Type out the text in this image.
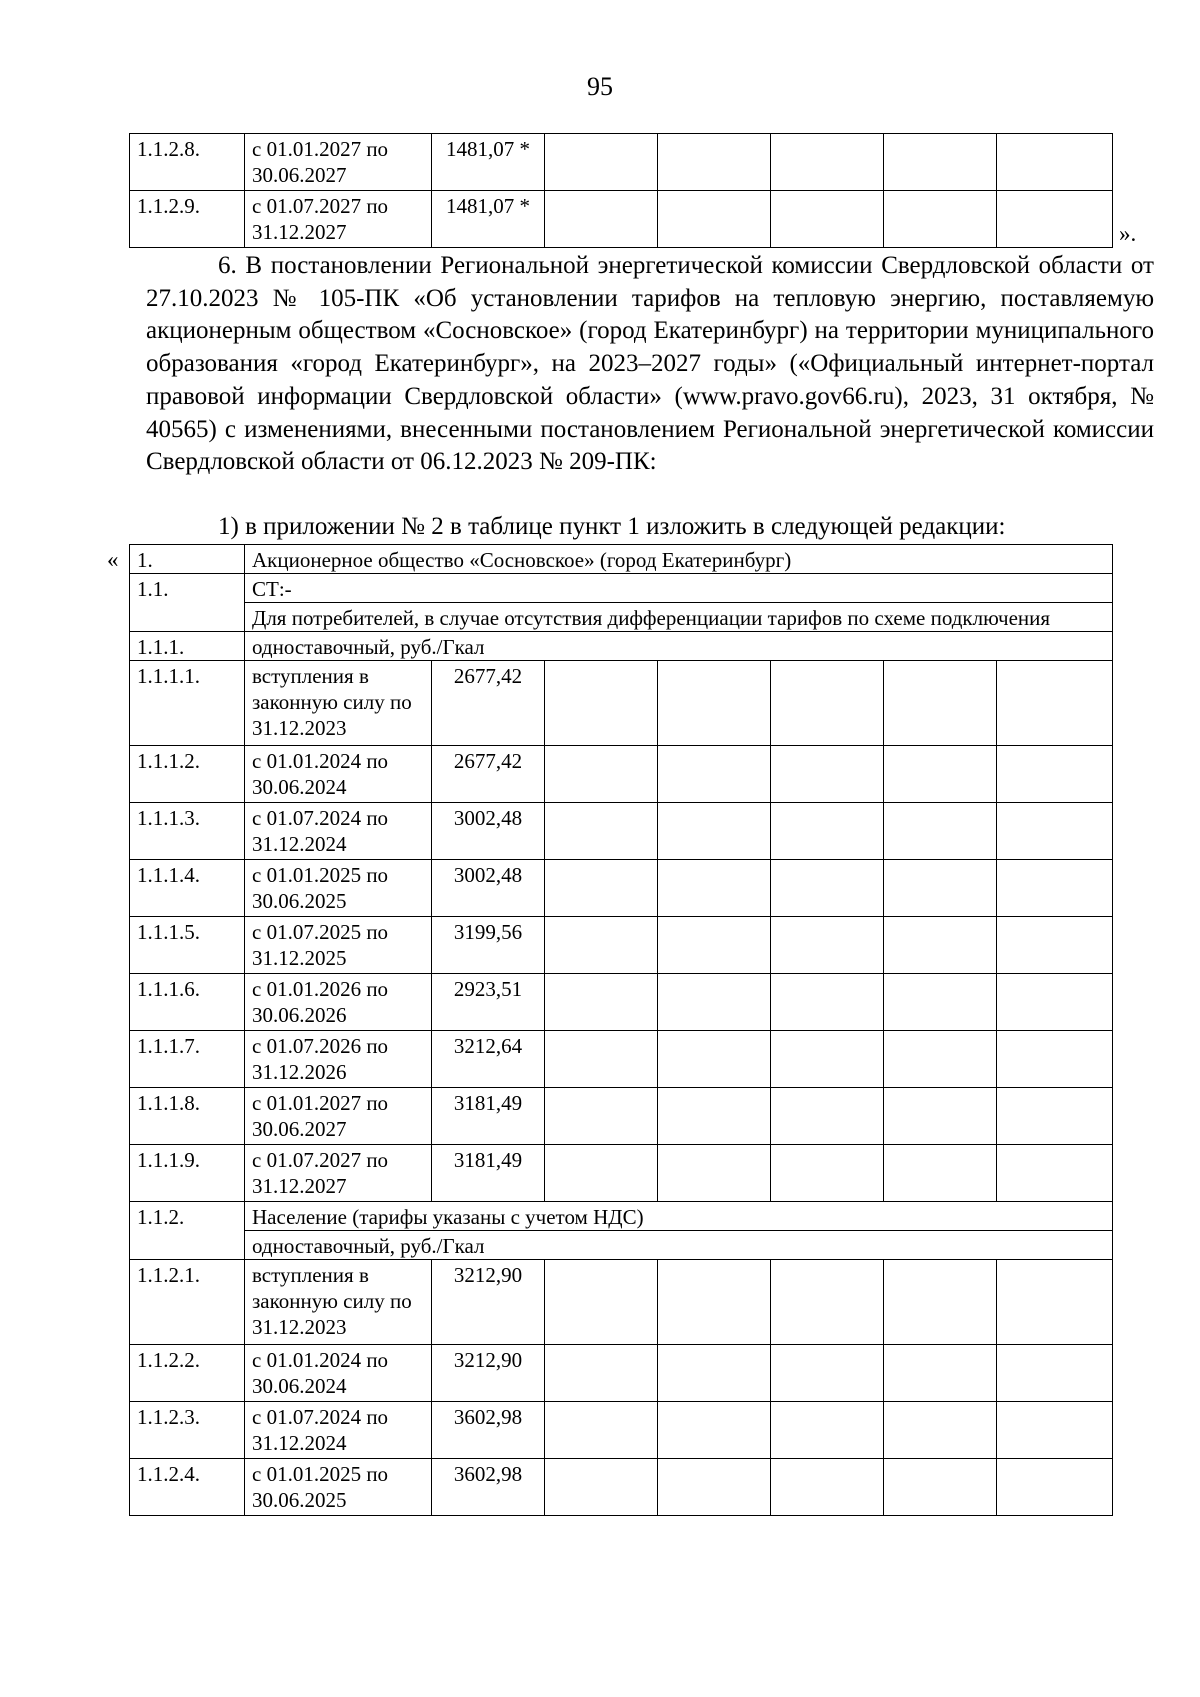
95
1.1.2.8.	с 01.01.2027 по 30.06.2027	1481,07 *					
1.1.2.9.	с 01.07.2027 по 31.12.2027	1481,07 *					
».

6. В постановлении Региональной энергетической комиссии Свердловской области от 27.10.2023 № 105-ПК «Об установлении тарифов на тепловую энергию, поставляемую акционерным обществом «Сосновское» (город Екатеринбург) на территории муниципального образования «город Екатеринбург», на 2023–2027 годы» («Официальный интернет-портал правовой информации Свердловской области» (www.pravo.gov66.ru), 2023, 31 октября, № 40565) с изменениями, внесенными постановлением Региональной энергетической комиссии Свердловской области от 06.12.2023 № 209-ПК:

1) в приложении № 2 в таблице пункт 1 изложить в следующей редакции:

« 1.	Акционерное общество «Сосновское» (город Екатеринбург)						
1.1.	СТ:-						
	Для потребителей, в случае отсутствия дифференциации тарифов по схеме подключения						
1.1.1.	одноставочный, руб./Гкал						
1.1.1.1.	вступления в законную силу по 31.12.2023	2677,42					
1.1.1.2.	с 01.01.2024 по 30.06.2024	2677,42					
1.1.1.3.	с 01.07.2024 по 31.12.2024	3002,48					
1.1.1.4.	с 01.01.2025 по 30.06.2025	3002,48					
1.1.1.5.	с 01.07.2025 по 31.12.2025	3199,56					
1.1.1.6.	с 01.01.2026 по 30.06.2026	2923,51					
1.1.1.7.	с 01.07.2026 по 31.12.2026	3212,64					
1.1.1.8.	с 01.01.2027 по 30.06.2027	3181,49					
1.1.1.9.	с 01.07.2027 по 31.12.2027	3181,49					
1.1.2.	Население (тарифы указаны с учетом НДС)						
	одноставочный, руб./Гкал						
1.1.2.1.	вступления в законную силу по 31.12.2023	3212,90					
1.1.2.2.	с 01.01.2024 по 30.06.2024	3212,90					
1.1.2.3.	с 01.07.2024 по 31.12.2024	3602,98					
1.1.2.4.	с 01.01.2025 по 30.06.2025	3602,98					
